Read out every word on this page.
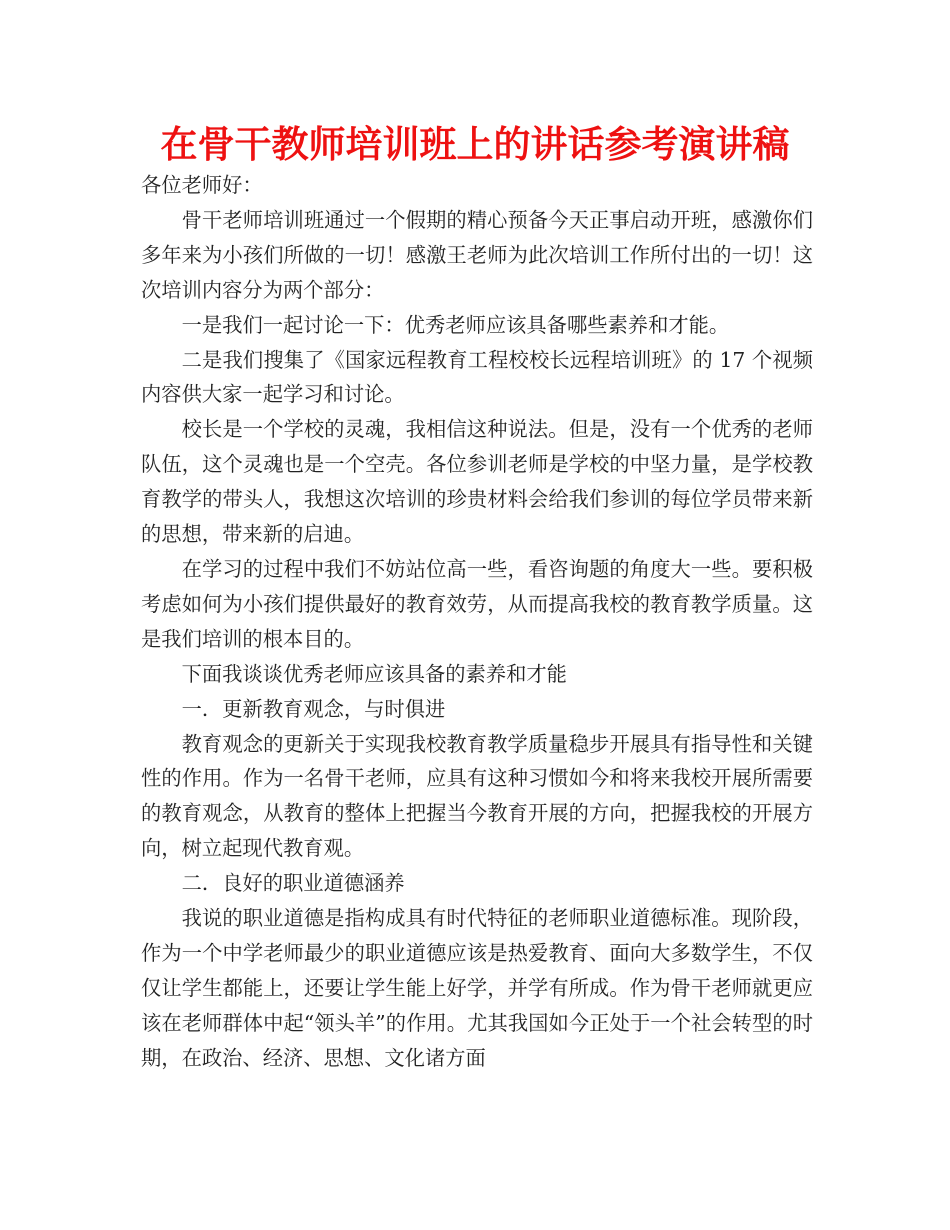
在骨干教师培训班上的讲话参考演讲稿

各位老师好：

骨干老师培训班通过一个假期的精心预备今天正事启动开班，感激你们多年来为小孩们所做的一切！感激王老师为此次培训工作所付出的一切！这次培训内容分为两个部分：

一是我们一起讨论一下：优秀老师应该具备哪些素养和才能。

二是我们搜集了《国家远程教育工程校校长远程培训班》的 17 个视频内容供大家一起学习和讨论。

校长是一个学校的灵魂，我相信这种说法。但是，没有一个优秀的老师队伍，这个灵魂也是一个空壳。各位参训老师是学校的中坚力量，是学校教育教学的带头人，我想这次培训的珍贵材料会给我们参训的每位学员带来新的思想，带来新的启迪。

在学习的过程中我们不妨站位高一些，看咨询题的角度大一些。要积极考虑如何为小孩们提供最好的教育效劳，从而提高我校的教育教学质量。这是我们培训的根本目的。

下面我谈谈优秀老师应该具备的素养和才能

一．更新教育观念，与时俱进

教育观念的更新关于实现我校教育教学质量稳步开展具有指导性和关键性的作用。作为一名骨干老师，应具有这种习惯如今和将来我校开展所需要的教育观念，从教育的整体上把握当今教育开展的方向，把握我校的开展方向，树立起现代教育观。

二．良好的职业道德涵养

我说的职业道德是指构成具有时代特征的老师职业道德标准。现阶段，作为一个中学老师最少的职业道德应该是热爱教育、面向大多数学生，不仅仅让学生都能上，还要让学生能上好学，并学有所成。作为骨干老师就更应该在老师群体中起“领头羊”的作用。尤其我国如今正处于一个社会转型的时期，在政治、经济、思想、文化诸方面
